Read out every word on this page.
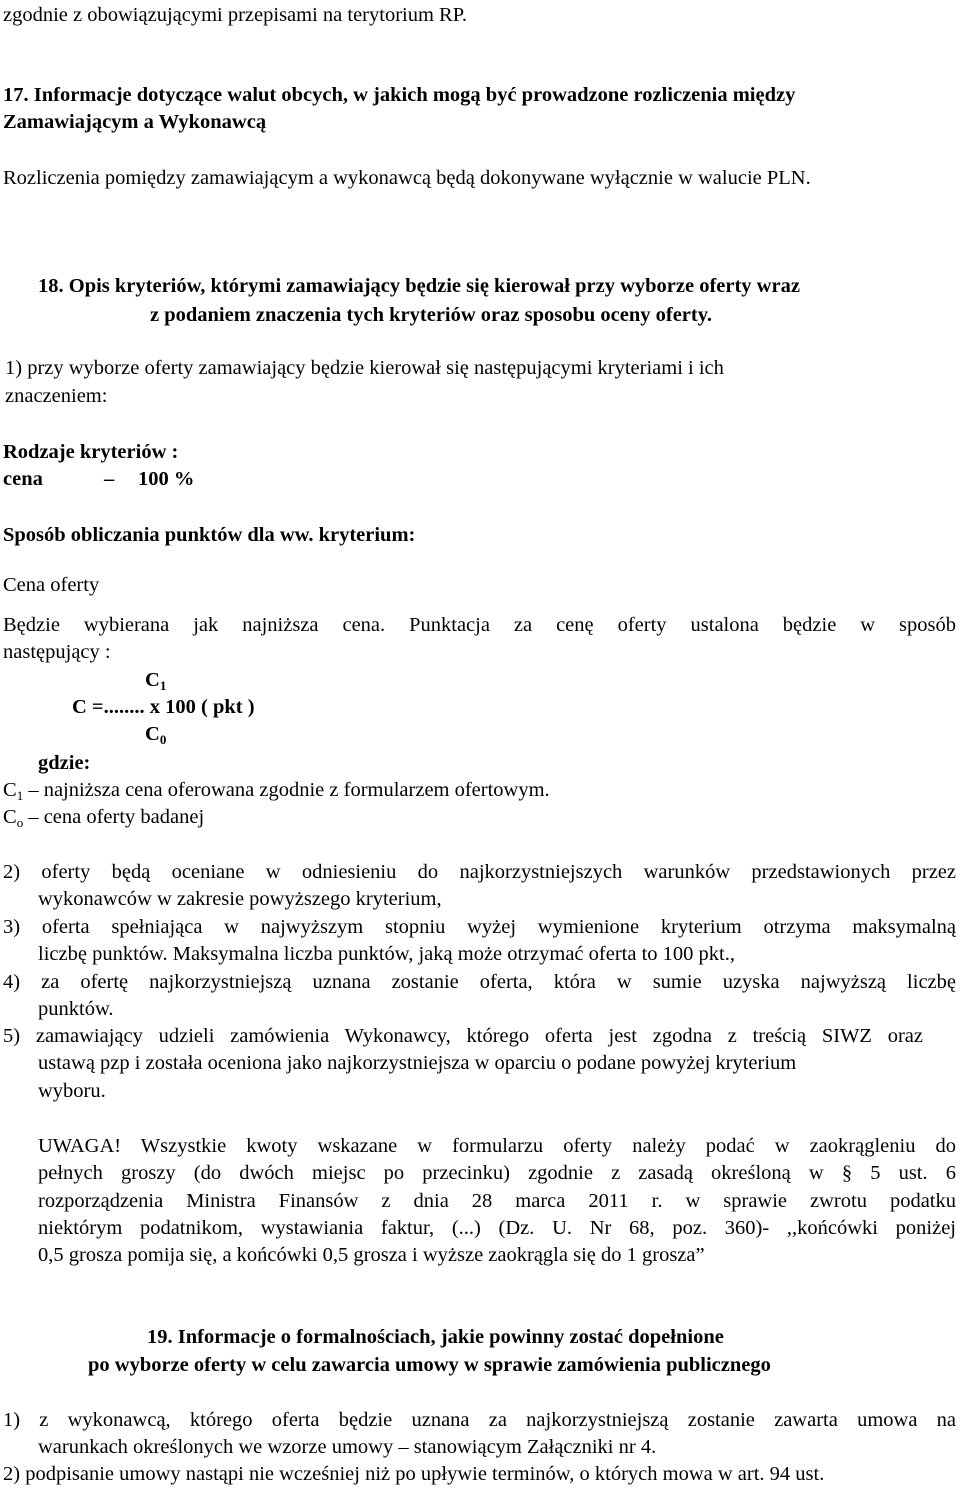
zgodnie z obowiązującymi przepisami na terytorium RP.
17. Informacje dotyczące walut obcych, w jakich mogą być prowadzone rozliczenia między
Zamawiającym a Wykonawcą
Rozliczenia pomiędzy zamawiającym a wykonawcą będą dokonywane wyłącznie w walucie PLN.
18. Opis kryteriów, którymi zamawiający będzie się kierował przy wyborze oferty wraz
z podaniem znaczenia tych kryteriów oraz sposobu oceny oferty.
1) przy wyborze oferty zamawiający będzie kierował się następującymi kryteriami i ich
znaczeniem:
Rodzaje kryteriów :
cena	– 100 %
Sposób obliczania punktów dla ww. kryterium:
Cena oferty
Będzie wybierana jak najniższa cena. Punktacja za cenę oferty ustalona będzie w sposób
następujący :
$C_1$
C =........ x 100 ( pkt )
$C_0$
gdzie:
$C_1$ – najniższa cena oferowana zgodnie z formularzem ofertowym.
$C_o$ – cena oferty badanej
2) oferty będą oceniane w odniesieniu do najkorzystniejszych warunków przedstawionych przez
wykonawców w zakresie powyższego kryterium,
3) oferta spełniająca w najwyższym stopniu wyżej wymienione kryterium otrzyma maksymalną
liczbę punktów. Maksymalna liczba punktów, jaką może otrzymać oferta to 100 pkt.,
4) za ofertę najkorzystniejszą uznana zostanie oferta, która w sumie uzyska najwyższą liczbę
punktów.
5) zamawiający udzieli zamówienia Wykonawcy, którego oferta jest zgodna z treścią SIWZ oraz
ustawą pzp i została oceniona jako najkorzystniejsza w oparciu o podane powyżej kryterium
wyboru.
UWAGA! Wszystkie kwoty wskazane w formularzu oferty należy podać w zaokrągleniu do
pełnych groszy (do dwóch miejsc po przecinku) zgodnie z zasadą określoną w § 5 ust. 6
rozporządzenia Ministra Finansów z dnia 28 marca 2011 r. w sprawie zwrotu podatku
niektórym podatnikom, wystawiania faktur, (...) (Dz. U. Nr 68, poz. 360)- ,,końcówki poniżej
0,5 grosza pomija się, a końcówki 0,5 grosza i wyższe zaokrągla się do 1 grosza”
19. Informacje o formalnościach, jakie powinny zostać dopełnione
po wyborze oferty w celu zawarcia umowy w sprawie zamówienia publicznego
1) z wykonawcą, którego oferta będzie uznana za najkorzystniejszą zostanie zawarta umowa na
warunkach określonych we wzorze umowy – stanowiącym Załączniki nr 4.
2) podpisanie umowy nastąpi nie wcześniej niż po upływie terminów, o których mowa w art. 94 ust.
